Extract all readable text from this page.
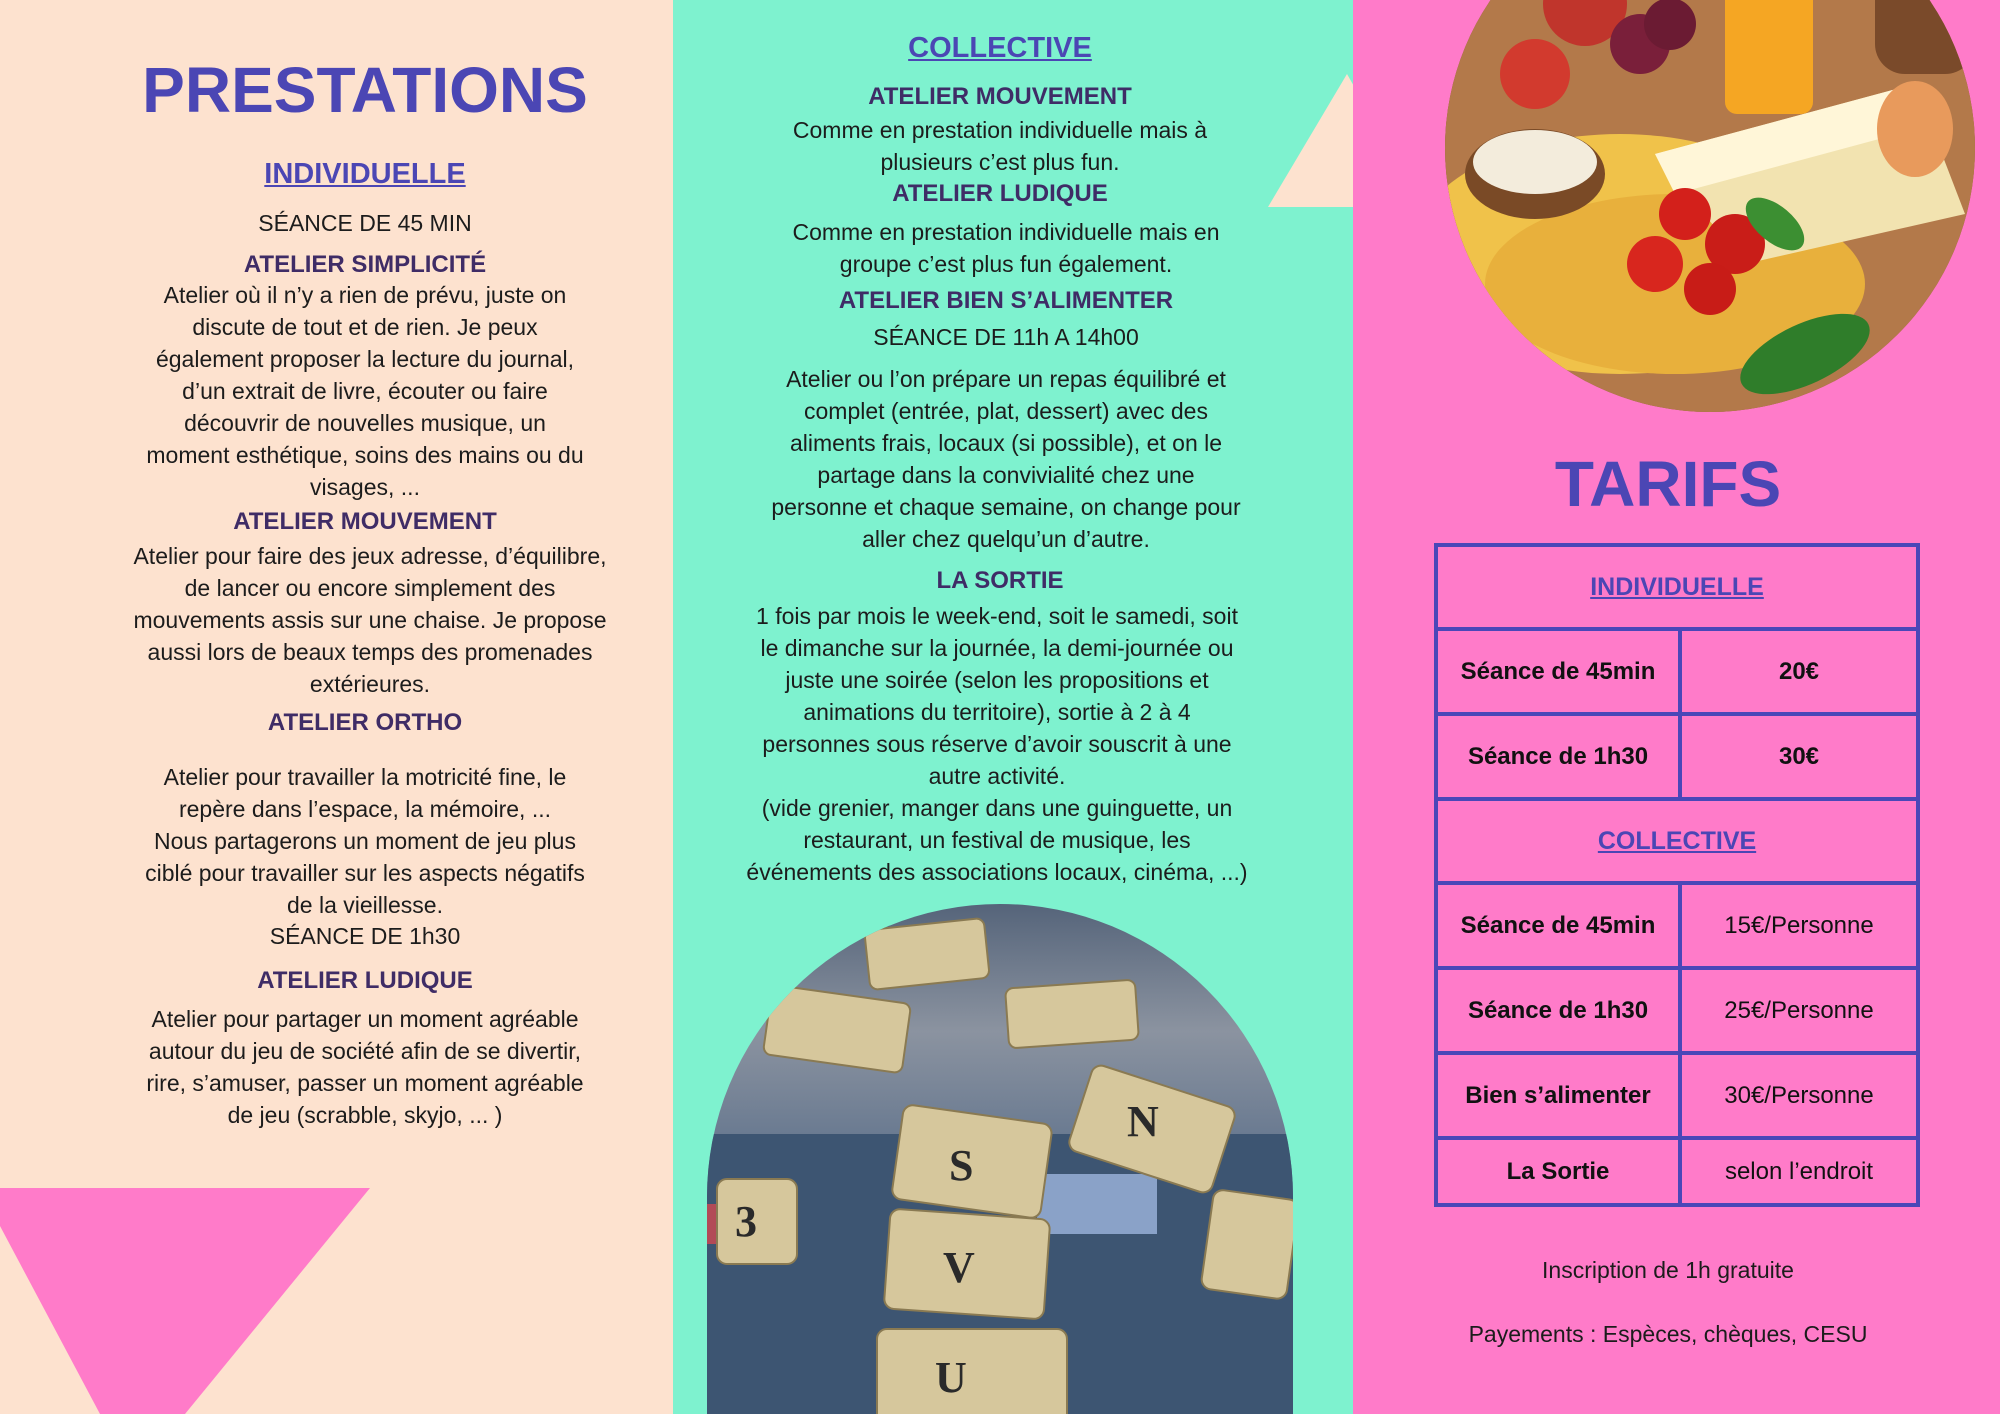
PRESTATIONS
INDIVIDUELLE
SÉANCE DE 45 MIN
ATELIER SIMPLICITÉ
Atelier où il n’y a rien de prévu, juste on
discute de tout et de rien. Je peux
également proposer la lecture du journal,
d’un extrait de livre, écouter ou faire
découvrir de nouvelles musique, un
moment esthétique, soins des mains ou du
visages, ...
ATELIER MOUVEMENT
Atelier pour faire des jeux adresse, d’équilibre,
de lancer ou encore simplement des
mouvements assis sur une chaise. Je propose
aussi lors de beaux temps des promenades
extérieures.
ATELIER ORTHO
Atelier pour travailler la motricité fine, le
repère dans l’espace, la mémoire, ...
Nous partagerons un moment de jeu plus
ciblé pour travailler sur les aspects négatifs
de la vieillesse.
SÉANCE DE 1h30
ATELIER LUDIQUE
Atelier pour partager un moment agréable
autour du jeu de société afin de se divertir,
rire, s’amuser, passer un moment agréable
de jeu (scrabble, skyjo, ... )
COLLECTIVE
ATELIER MOUVEMENT
Comme en prestation individuelle mais à
plusieurs c’est plus fun.
ATELIER LUDIQUE
Comme en prestation individuelle mais en
groupe c’est plus fun également.
ATELIER BIEN S’ALIMENTER
SÉANCE DE 11h A 14h00
Atelier ou l’on prépare un repas équilibré et
complet (entrée, plat, dessert) avec des
aliments frais, locaux (si possible), et on le
partage dans la convivialité chez une
personne et chaque semaine, on change pour
aller chez quelqu’un d’autre.
LA SORTIE
1 fois par mois le week-end, soit le samedi, soit
le dimanche sur la journée, la demi-journée ou
juste une soirée (selon les propositions et
animations du territoire), sortie à 2 à 4
personnes sous réserve d’avoir souscrit à une
autre activité.
(vide grenier, manger dans une guinguette, un
restaurant, un festival de musique, les
événements des associations locaux, cinéma, ...)
S
V
U
N
3
TARIFS
Inscription de 1h gratuite
Payements : Espèces, chèques, CESU
INDIVIDUELLE	
Séance de 45min	20€
Séance de 1h30	30€
COLLECTIVE	
Séance de 45min	15€/Personne
Séance de 1h30	25€/Personne
Bien s’alimenter	30€/Personne
La Sortie	selon l’endroit
